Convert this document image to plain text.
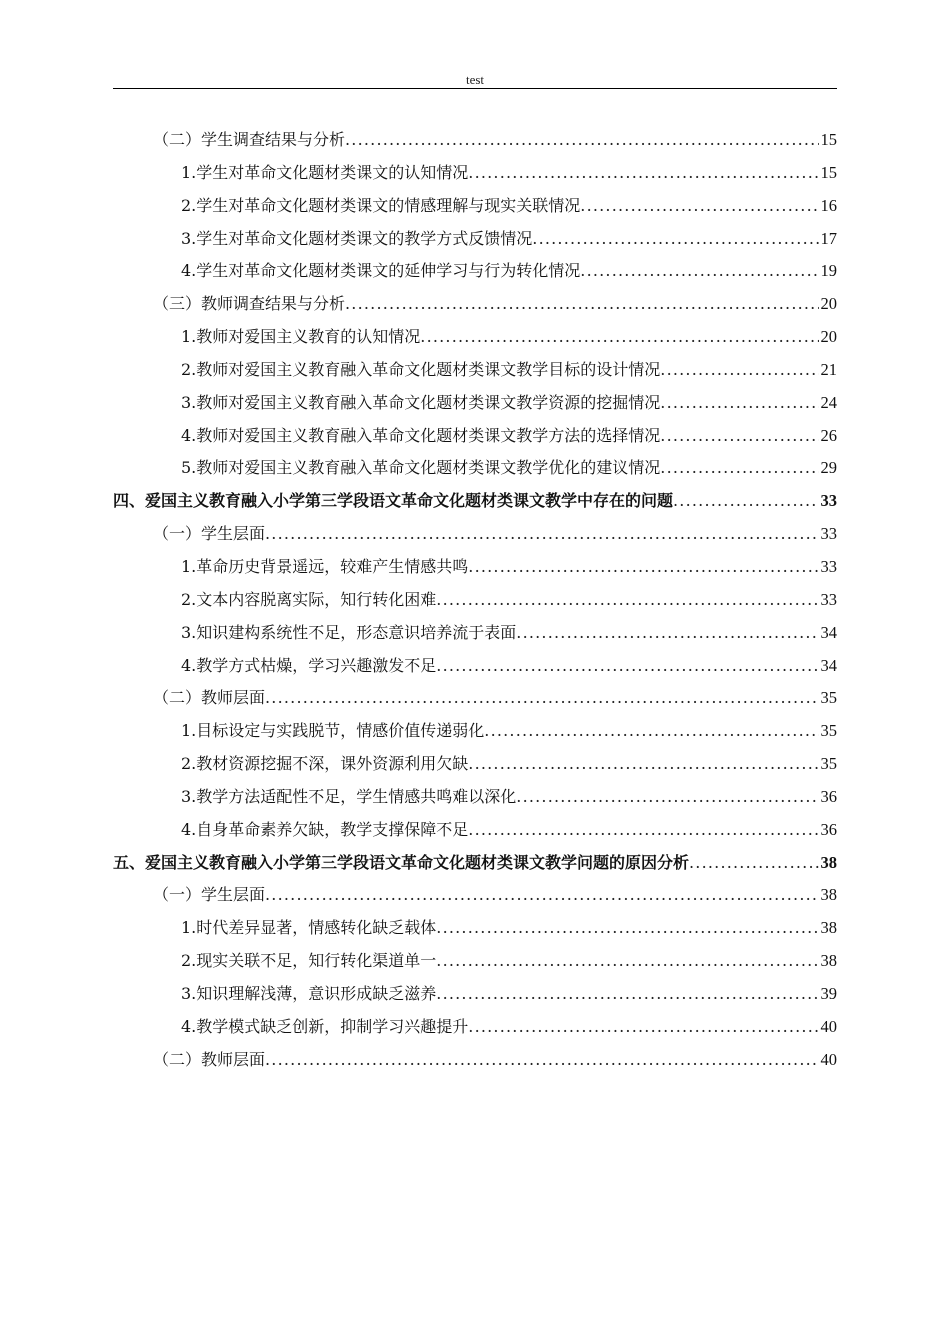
test
（二）学生调查结果与分析 .....	15
1. 学生对革命文化题材类课文的认知情况 .....	15
2. 学生对革命文化题材类课文的情感理解与现实关联情况 .....	16
3. 学生对革命文化题材类课文的教学方式反馈情况 .....	17
4. 学生对革命文化题材类课文的延伸学习与行为转化情况 .....	19
（三）教师调查结果与分析 .....	20
1. 教师对爱国主义教育的认知情况 .....	20
2. 教师对爱国主义教育融入革命文化题材类课文教学目标的设计情况 .....	21
3. 教师对爱国主义教育融入革命文化题材类课文教学资源的挖掘情况 .....	24
4. 教师对爱国主义教育融入革命文化题材类课文教学方法的选择情况 .....	26
5. 教师对爱国主义教育融入革命文化题材类课文教学优化的建议情况 .....	29
四、爱国主义教育融入小学第三学段语文革命文化题材类课文教学中存在的问题 .....	33
（一）学生层面 .....	33
1. 革命历史背景遥远，较难产生情感共鸣 .....	33
2. 文本内容脱离实际，知行转化困难 .....	33
3. 知识建构系统性不足，形态意识培养流于表面 .....	34
4. 教学方式枯燥，学习兴趣激发不足 .....	34
（二）教师层面 .....	35
1. 目标设定与实践脱节，情感价值传递弱化 .....	35
2. 教材资源挖掘不深，课外资源利用欠缺 .....	35
3. 教学方法适配性不足，学生情感共鸣难以深化 .....	36
4. 自身革命素养欠缺，教学支撑保障不足 .....	36
五、爱国主义教育融入小学第三学段语文革命文化题材类课文教学问题的原因分析 .....	38
（一）学生层面 .....	38
1. 时代差异显著，情感转化缺乏载体 .....	38
2. 现实关联不足，知行转化渠道单一 .....	38
3. 知识理解浅薄，意识形成缺乏滋养 .....	39
4. 教学模式缺乏创新，抑制学习兴趣提升 .....	40
（二）教师层面 .....	40
